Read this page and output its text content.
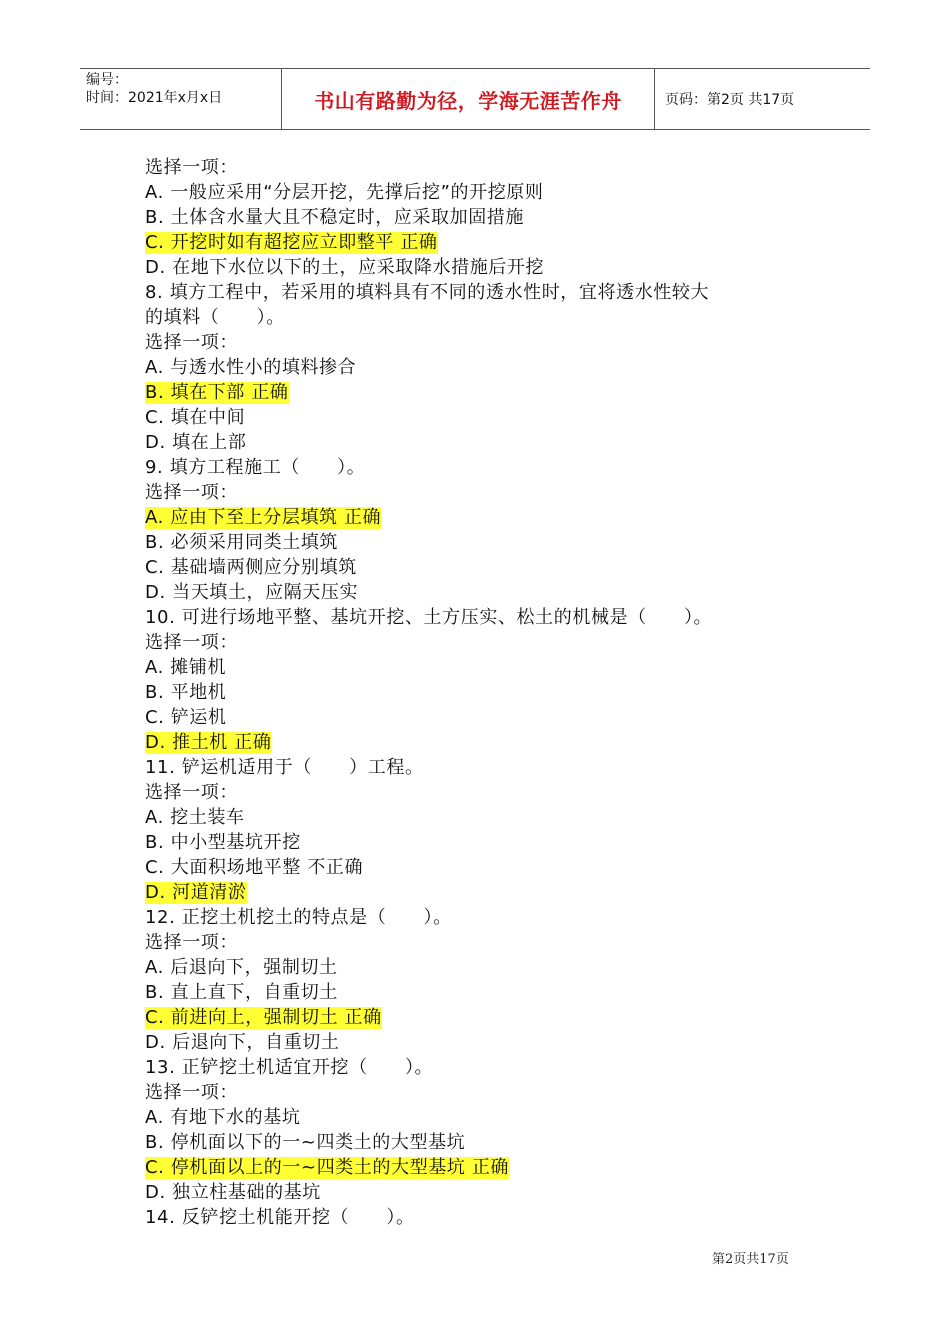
编号：
时间：2021年x月x日	书山有路勤为径，学海无涯苦作舟	页码：第2页 共17页
选择一项：
A. 一般应采用“分层开挖，先撑后挖”的开挖原则
B. 土体含水量大且不稳定时，应采取加固措施
C. 开挖时如有超挖应立即整平 正确
D. 在地下水位以下的土，应采取降水措施后开挖
8. 填方工程中，若采用的填料具有不同的透水性时，宜将透水性较大
的填料（　　）。
选择一项：
A. 与透水性小的填料掺合
B. 填在下部 正确
C. 填在中间
D. 填在上部
9. 填方工程施工（　　）。
选择一项：
A. 应由下至上分层填筑 正确
B. 必须采用同类土填筑
C. 基础墙两侧应分别填筑
D. 当天填土，应隔天压实
10. 可进行场地平整、基坑开挖、土方压实、松土的机械是（　　）。
选择一项：
A. 摊铺机
B. 平地机
C. 铲运机
D. 推土机 正确
11. 铲运机适用于（　　）工程。
选择一项：
A. 挖土装车
B. 中小型基坑开挖
C. 大面积场地平整 不正确
D. 河道清淤
12. 正挖土机挖土的特点是（　　）。
选择一项：
A. 后退向下，强制切土
B. 直上直下，自重切土
C. 前进向上，强制切土 正确
D. 后退向下，自重切土
13. 正铲挖土机适宜开挖（　　）。
选择一项：
A. 有地下水的基坑
B. 停机面以下的一~四类土的大型基坑
C. 停机面以上的一~四类土的大型基坑 正确
D. 独立柱基础的基坑
14. 反铲挖土机能开挖（　　）。
第2页共17页
